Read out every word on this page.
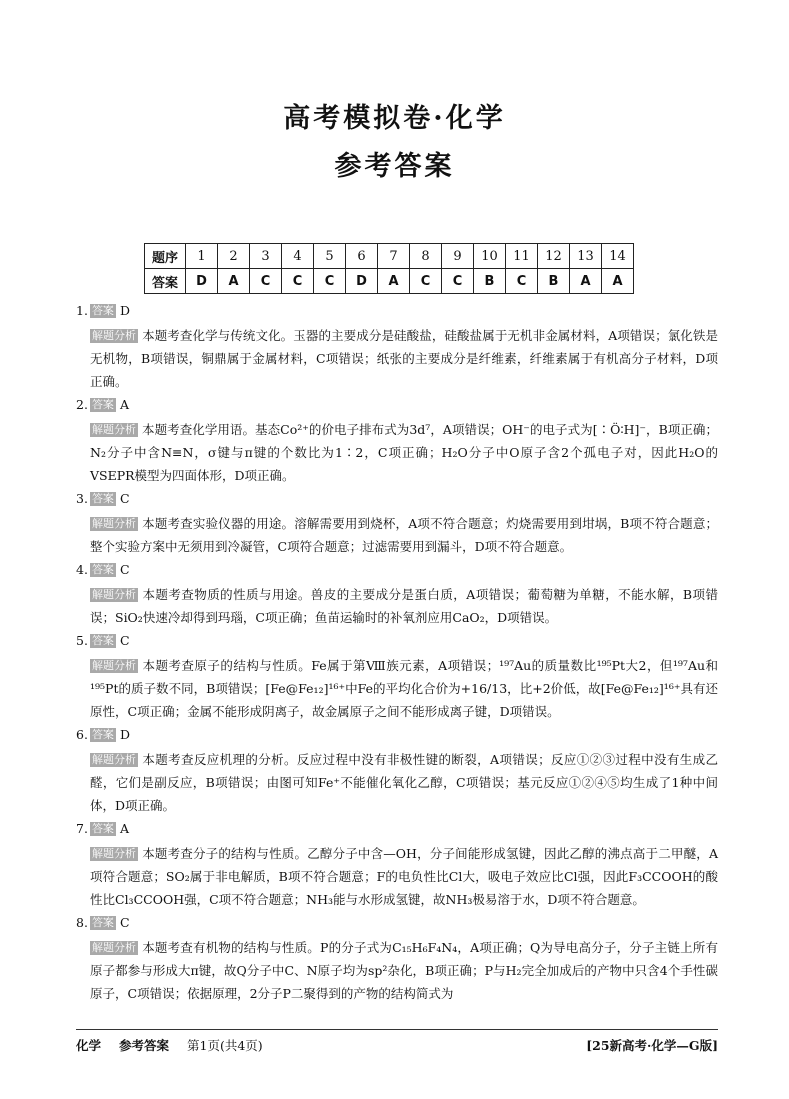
高考模拟卷·化学
参考答案
题序	1	2	3	4	5	6	7	8	9	10	11	12	13	14
答案	D	A	C	C	C	D	A	C	C	B	C	B	A	A
1. 答案 D
解题分析 本题考查化学与传统文化。玉器的主要成分是硅酸盐，硅酸盐属于无机非金属材料，A项错误；氯化铁是无机物，B项错误，铜鼎属于金属材料，C项错误；纸张的主要成分是纤维素，纤维素属于有机高分子材料，D项正确。
2. 答案 A
解题分析 本题考查化学用语。基态Co²⁺的价电子排布式为3d⁷，A项错误；OH⁻的电子式为[∶Ö∶H]⁻，B项正确；N₂分子中含N≡N，σ键与π键的个数比为1∶2，C项正确；H₂O分子中O原子含2个孤电子对，因此H₂O的VSEPR模型为四面体形，D项正确。
3. 答案 C
解题分析 本题考查实验仪器的用途。溶解需要用到烧杯，A项不符合题意；灼烧需要用到坩埚，B项不符合题意；整个实验方案中无须用到冷凝管，C项符合题意；过滤需要用到漏斗，D项不符合题意。
4. 答案 C
解题分析 本题考查物质的性质与用途。兽皮的主要成分是蛋白质，A项错误；葡萄糖为单糖，不能水解，B项错误；SiO₂快速冷却得到玛瑙，C项正确；鱼苗运输时的补氧剂应用CaO₂，D项错误。
5. 答案 C
解题分析 本题考查原子的结构与性质。Fe属于第Ⅷ族元素，A项错误；¹⁹⁷Au的质量数比¹⁹⁵Pt大2，但¹⁹⁷Au和¹⁹⁵Pt的质子数不同，B项错误；[Fe@Fe₁₂]¹⁶⁺中Fe的平均化合价为+16/13，比+2价低，故[Fe@Fe₁₂]¹⁶⁺具有还原性，C项正确；金属不能形成阴离子，故金属原子之间不能形成离子键，D项错误。
6. 答案 D
解题分析 本题考查反应机理的分析。反应过程中没有非极性键的断裂，A项错误；反应①②③过程中没有生成乙醛，它们是副反应，B项错误；由图可知Fe⁺不能催化氧化乙醇，C项错误；基元反应①②④⑤均生成了1种中间体，D项正确。
7. 答案 A
解题分析 本题考查分子的结构与性质。乙醇分子中含—OH，分子间能形成氢键，因此乙醇的沸点高于二甲醚，A项符合题意；SO₂属于非电解质，B项不符合题意；F的电负性比Cl大，吸电子效应比Cl强，因此F₃CCOOH的酸性比Cl₃CCOOH强，C项不符合题意；NH₃能与水形成氢键，故NH₃极易溶于水，D项不符合题意。
8. 答案 C
解题分析 本题考查有机物的结构与性质。P的分子式为C₁₅H₆F₄N₄，A项正确；Q为导电高分子，分子主链上所有原子都参与形成大π键，故Q分子中C、N原子均为sp²杂化，B项正确；P与H₂完全加成后的产物中只含4个手性碳原子，C项错误；依据原理，2分子P二聚得到的产物的结构简式为
化学 参考答案 第1页(共4页)	[25新高考·化学—G版]
